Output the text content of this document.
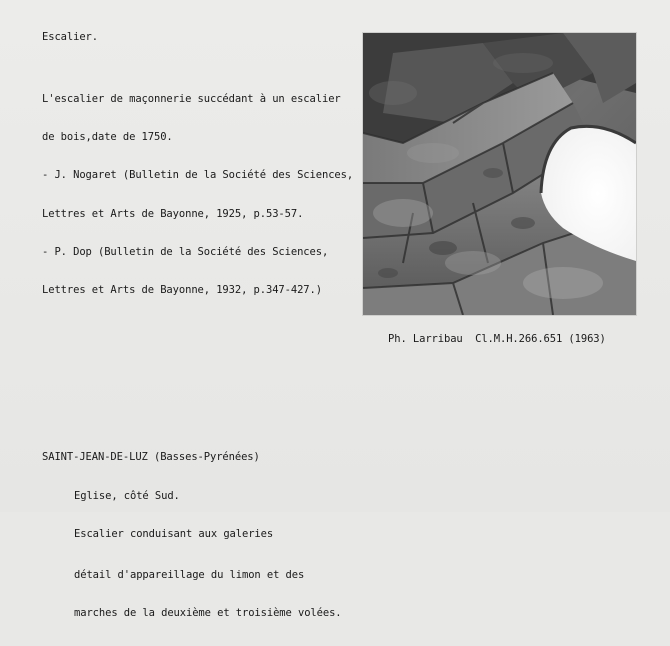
Escalier.

L'escalier de maçonnerie succédant à un escalier

de bois,date de 1750.

- J. Nogaret (Bulletin de la Société des Sciences,

Lettres et Arts de Bayonne, 1925, p.53-57.

- P. Dop (Bulletin de la Société des Sciences,

Lettres et Arts de Bayonne, 1932, p.347-427.)

Ph. Larribau  Cl.M.H.266.651 (1963)

SAINT-JEAN-DE-LUZ (Basses-Pyrénées)

Eglise, côté Sud.

Escalier conduisant aux galeries

détail d'appareillage du limon et des

marches de la deuxième et troisième volées.
